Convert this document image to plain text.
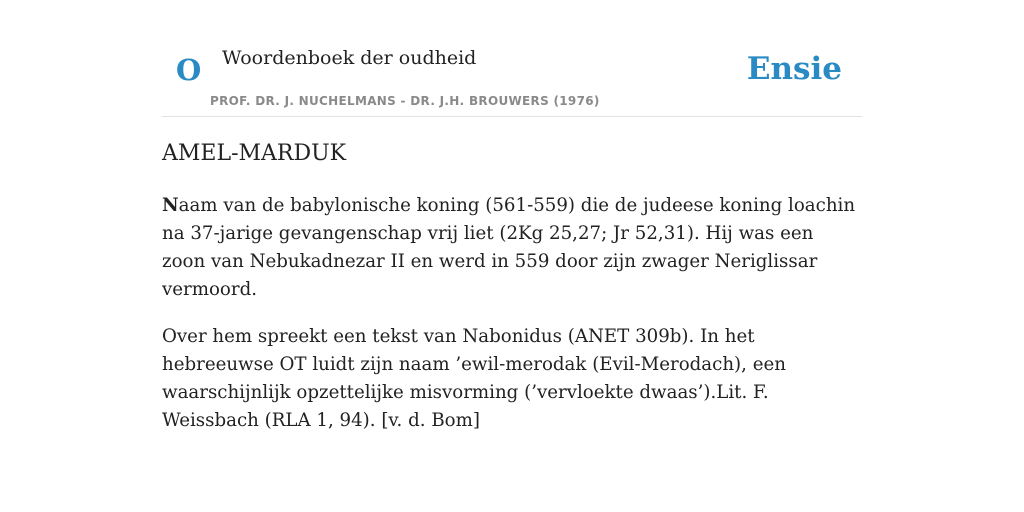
O Woordenboek der oudheid
PROF. DR. J. NUCHELMANS - DR. J.H. BROUWERS (1976)
Ensie
AMEL-MARDUK

Naam van de babylonische koning (561-559) die de judeese koning loachin na 37-jarige gevangenschap vrij liet (2Kg 25,27; Jr 52,31). Hij was een zoon van Nebukadnezar II en werd in 559 door zijn zwager Neriglissar vermoord.

Over hem spreekt een tekst van Nabonidus (ANET 309b). In het hebreeuwse OT luidt zijn naam ’ewil-merodak (Evil-Merodach), een waarschijnlijk opzettelijke misvorming (’vervloekte dwaas’).Lit. F. Weissbach (RLA 1, 94). [v. d. Bom]
